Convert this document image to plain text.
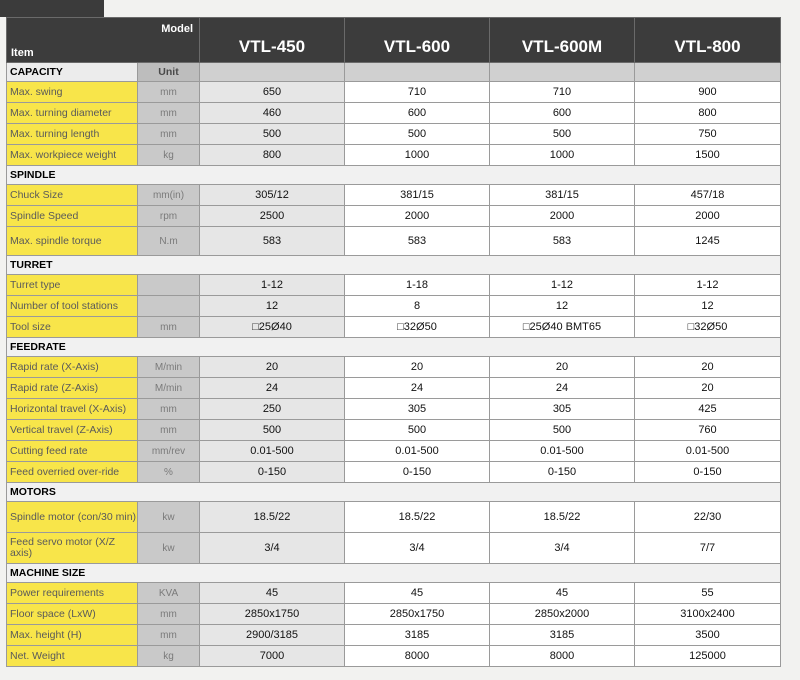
Model
Item		VTL-450	VTL-600	VTL-600M	VTL-800
CAPACITY	Unit				
Max. swing	mm	650	710	710	900
Max. turning diameter	mm	460	600	600	800
Max. turning length	mm	500	500	500	750
Max. workpiece weight	kg	800	1000	1000	1500
SPINDLE					
Chuck Size	mm(in)	305/12	381/15	381/15	457/18
Spindle Speed	rpm	2500	2000	2000	2000
Max. spindle torque	N.m	583	583	583	1245
TURRET					
Turret type		1-12	1-18	1-12	1-12
Number of tool stations		12	8	12	12
Tool size	mm	□25Ø40	□32Ø50	□25Ø40 BMT65	□32Ø50
FEEDRATE					
Rapid rate (X-Axis)	M/min	20	20	20	20
Rapid rate (Z-Axis)	M/min	24	24	24	20
Horizontal travel (X-Axis)	mm	250	305	305	425
Vertical travel (Z-Axis)	mm	500	500	500	760
Cutting feed rate	mm/rev	0.01-500	0.01-500	0.01-500	0.01-500
Feed overried over-ride	%	0-150	0-150	0-150	0-150
MOTORS					
Spindle motor (con/30 min)	kw	18.5/22	18.5/22	18.5/22	22/30
Feed servo motor (X/Z axis)	kw	3/4	3/4	3/4	7/7
MACHINE SIZE					
Power requirements	KVA	45	45	45	55
Floor space (LxW)	mm	2850x1750	2850x1750	2850x2000	3100x2400
Max. height (H)	mm	2900/3185	3185	3185	3500
Net. Weight	kg	7000	8000	8000	125000
